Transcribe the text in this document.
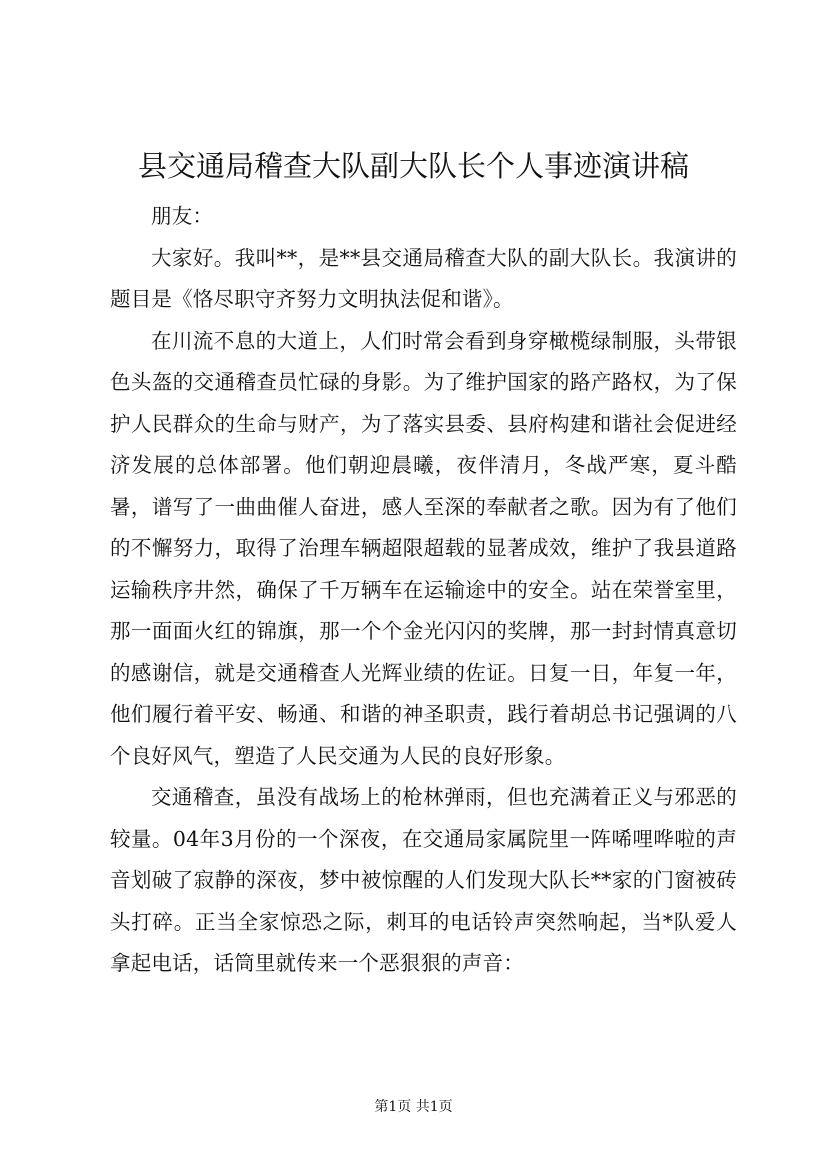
县交通局稽查大队副大队长个人事迹演讲稿

朋友：

大家好。我叫**，是**县交通局稽查大队的副大队长。我演讲的题目是《恪尽职守齐努力文明执法促和谐》。

在川流不息的大道上，人们时常会看到身穿橄榄绿制服，头带银色头盔的交通稽查员忙碌的身影。为了维护国家的路产路权，为了保护人民群众的生命与财产，为了落实县委、县府构建和谐社会促进经济发展的总体部署。他们朝迎晨曦，夜伴清月，冬战严寒，夏斗酷暑，谱写了一曲曲催人奋进，感人至深的奉献者之歌。因为有了他们的不懈努力，取得了治理车辆超限超载的显著成效，维护了我县道路运输秩序井然，确保了千万辆车在运输途中的安全。站在荣誉室里，那一面面火红的锦旗，那一个个金光闪闪的奖牌，那一封封情真意切的感谢信，就是交通稽查人光辉业绩的佐证。日复一日，年复一年，他们履行着平安、畅通、和谐的神圣职责，践行着胡总书记强调的八个良好风气，塑造了人民交通为人民的良好形象。

交通稽查，虽没有战场上的枪林弹雨，但也充满着正义与邪恶的较量。04年3月份的一个深夜，在交通局家属院里一阵唏哩哗啦的声音划破了寂静的深夜，梦中被惊醒的人们发现大队长**家的门窗被砖头打碎。正当全家惊恐之际，刺耳的电话铃声突然响起，当*队爱人拿起电话，话筒里就传来一个恶狠狠的声音：

第1页 共1页
